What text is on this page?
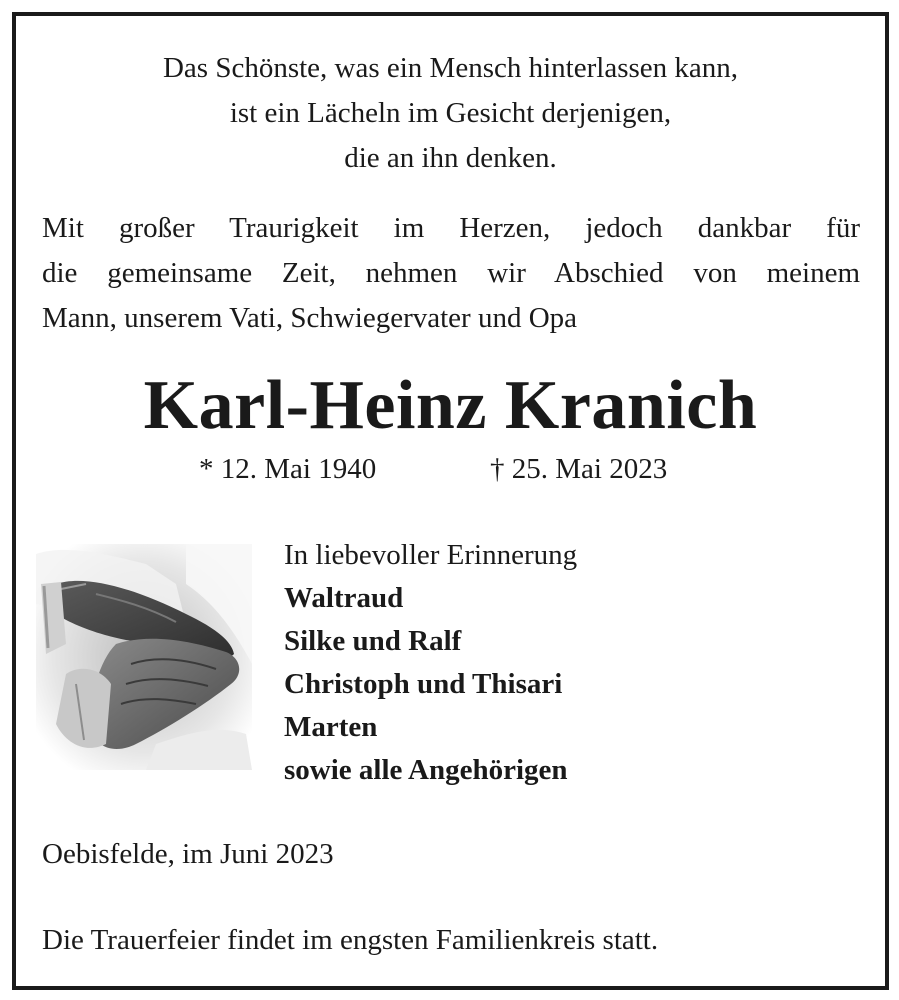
Das Schönste, was ein Mensch hinterlassen kann,
ist ein Lächeln im Gesicht derjenigen,
die an ihn denken.
Mit großer Traurigkeit im Herzen, jedoch dankbar für
die gemeinsame Zeit, nehmen wir Abschied von meinem
Mann, unserem Vati, Schwiegervater und Opa
Karl-Heinz Kranich
* 12. Mai 1940	† 25. Mai 2023
In liebevoller Erinnerung
Waltraud
Silke und Ralf
Christoph und Thisari
Marten
sowie alle Angehörigen
Oebisfelde, im Juni 2023
Die Trauerfeier findet im engsten Familienkreis statt.
